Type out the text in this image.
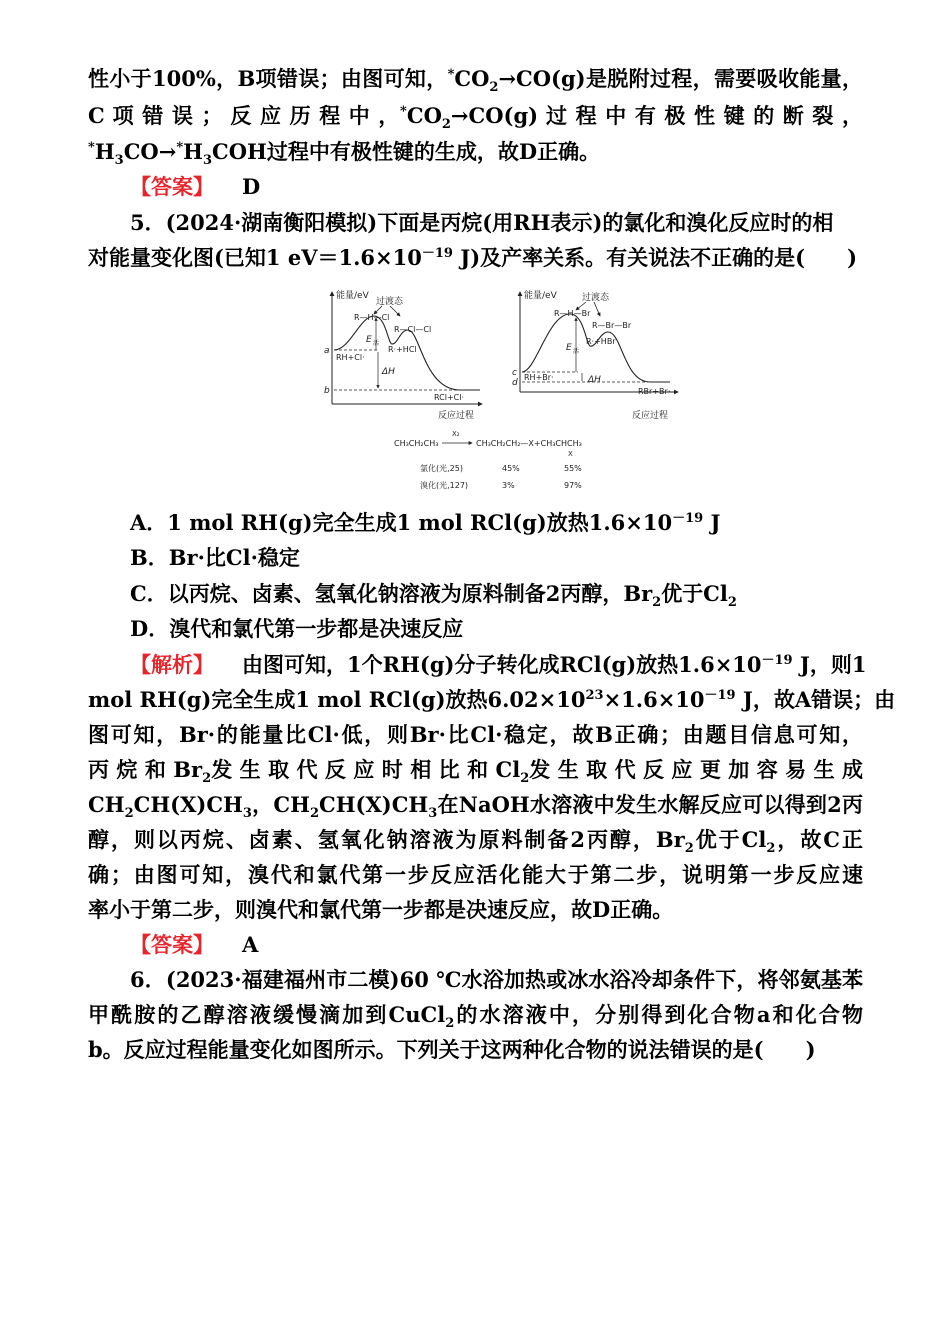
性小于100%，B项错误；由图可知，$^*CO_2\to CO(g)$是脱附过程，需要吸收能量，
C 项 错 误 ； 反 应 历 程 中 ，$^*CO_2\to CO(g)$ 过 程 中 有 极 性 键 的 断 裂 ，
$^*H_3CO\to^*H_3COH$过程中有极性键的生成，故D正确。
【答案】 D
5．(2024·湖南衡阳模拟)下面是丙烷(用RH表示)的氯化和溴化反应时的相
对能量变化图(已知1 $eV=1.6\times 10^{-19}$ J)及产率关系。有关说法不正确的是(　　)
能量/eV
过渡态
R—H—Cl
R—Cl—Cl
a
b
RH+Cl·
R·+HCl
RCl+Cl·
E 活
ΔH
反应过程
能量/eV	过渡态
R—H—Br
R—Br—Br
c
d
RH+Br·
R·+HBr
RBr+Br·
E 活
ΔH
反应过程
CH₃CH₂CH₃
X₂
CH₃CH₂CH₂—X+CH₃CHCH₃
X
氯化(光,25)	45%	55%
溴化(光,127)	3%	97%
A．1 mol RH(g)完全生成1 mol RCl(g)放热$1.6\times 10^{-19}$ J
B．Br·比Cl·稳定
C．以丙烷、卤素、氢氧化钠溶液为原料制备2丙醇，$Br_2$优于$Cl_2$
D．溴代和氯代第一步都是决速反应
【解析】 由图可知，1个RH(g)分子转化成RCl(g)放热$1.6\times 10^{-19}$ J，则1
mol RH(g)完全生成1 mol RCl(g)放热$6.02\times 10^{23}\times 1.6\times 10^{-19}$ J，故A错误；由
图可知，Br·的能量比Cl·低，则Br·比Cl·稳定，故B正确；由题目信息可知，
丙 烷 和 $Br_2$发 生 取 代 反 应 时 相 比 和 $Cl_2$发 生 取 代 反 应 更 加 容 易 生 成
$CH_2CH(X)CH_3$，$CH_2CH(X)CH_3$在NaOH水溶液中发生水解反应可以得到2丙
醇，则以丙烷、卤素、氢氧化钠溶液为原料制备2丙醇，$Br_2$优于$Cl_2$，故C正
确；由图可知，溴代和氯代第一步反应活化能大于第二步，说明第一步反应速
率小于第二步，则溴代和氯代第一步都是决速反应，故D正确。
【答案】 A
6．(2023·福建福州市二模)60 ℃水浴加热或冰水浴冷却条件下，将邻氨基苯
甲酰胺的乙醇溶液缓慢滴加到CuCl$_2$的水溶液中，分别得到化合物a和化合物
b。反应过程能量变化如图所示。下列关于这两种化合物的说法错误的是(　　)
